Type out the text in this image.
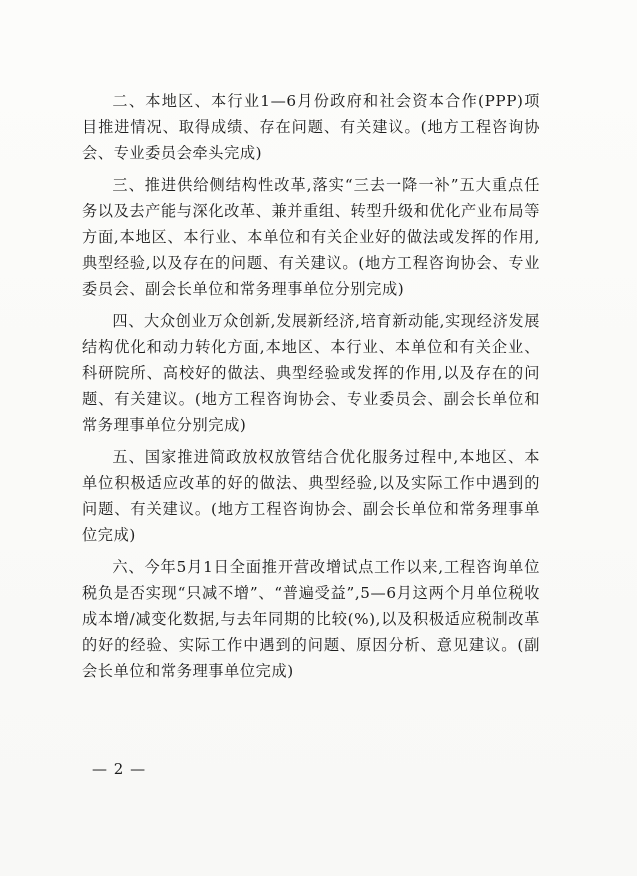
二、本地区、本行业1—6月份政府和社会资本合作(PPP)项目推进情况、取得成绩、存在问题、有关建议。(地方工程咨询协会、专业委员会牵头完成)

三、推进供给侧结构性改革,落实“三去一降一补”五大重点任务以及去产能与深化改革、兼并重组、转型升级和优化产业布局等方面,本地区、本行业、本单位和有关企业好的做法或发挥的作用,典型经验,以及存在的问题、有关建议。(地方工程咨询协会、专业委员会、副会长单位和常务理事单位分别完成)

四、大众创业万众创新,发展新经济,培育新动能,实现经济发展结构优化和动力转化方面,本地区、本行业、本单位和有关企业、科研院所、高校好的做法、典型经验或发挥的作用,以及存在的问题、有关建议。(地方工程咨询协会、专业委员会、副会长单位和常务理事单位分别完成)

五、国家推进简政放权放管结合优化服务过程中,本地区、本单位积极适应改革的好的做法、典型经验,以及实际工作中遇到的问题、有关建议。(地方工程咨询协会、副会长单位和常务理事单位完成)

六、今年5月1日全面推开营改增试点工作以来,工程咨询单位税负是否实现“只减不增”、“普遍受益”,5—6月这两个月单位税收成本增/减变化数据,与去年同期的比较(%),以及积极适应税制改革的好的经验、实际工作中遇到的问题、原因分析、意见建议。(副会长单位和常务理事单位完成)

— 2 —
